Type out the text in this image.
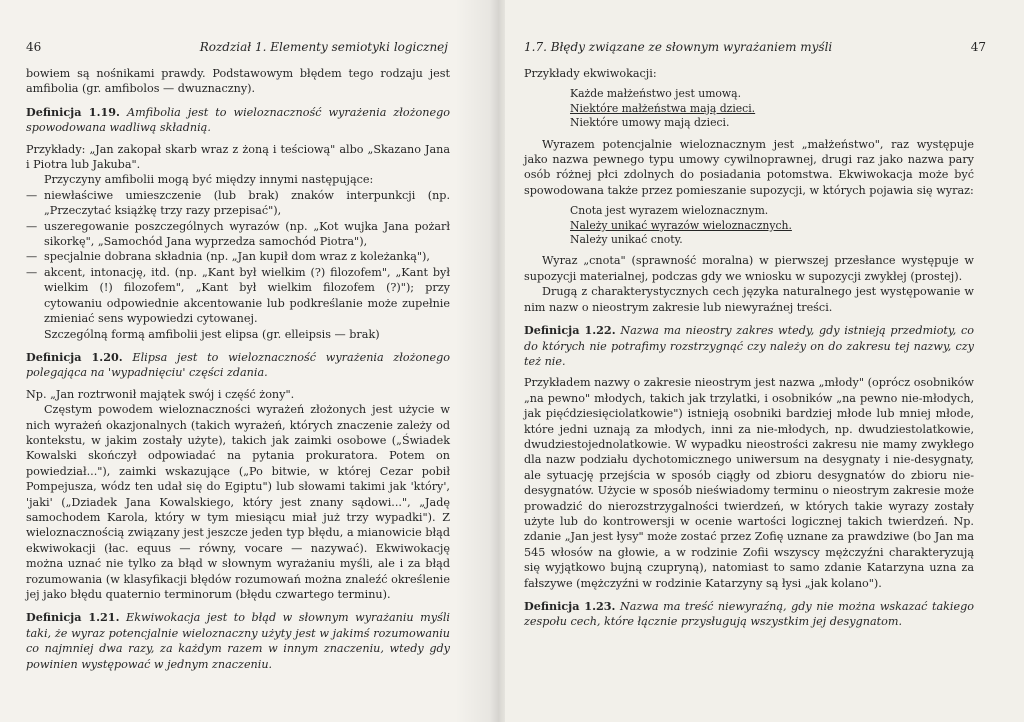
46	Rozdział 1. Elementy semiotyki logicznej

bowiem są nośnikami prawdy. Podstawowym błędem tego rodzaju jest amfibolia (gr. amfibolos — dwuznaczny).

Definicja 1.19. Amfibolia jest to wieloznaczność wyrażenia złożonego spowodowana wadliwą składnią.

Przykłady: „Jan zakopał skarb wraz z żoną i teściową" albo „Skazano Jana i Piotra lub Jakuba".

Przyczyny amfibolii mogą być między innymi następujące:

— niewłaściwe umieszczenie (lub brak) znaków interpunkcji (np. „Przeczytać książkę trzy razy przepisać"),
— uszeregowanie poszczególnych wyrazów (np. „Kot wujka Jana pożarł sikorkę", „Samochód Jana wyprzedza samochód Piotra"),
— specjalnie dobrana składnia (np. „Jan kupił dom wraz z koleżanką"),
— akcent, intonację, itd. (np. „Kant był wielkim (?) filozofem", „Kant był wielkim (!) filozofem", „Kant był wielkim filozofem (?)"); przy cytowaniu odpowiednie akcentowanie lub podkreślanie może zupełnie zmieniać sens wypowiedzi cytowanej.

Szczególną formą amfibolii jest elipsa (gr. elleipsis — brak)

Definicja 1.20. Elipsa jest to wieloznaczność wyrażenia złożonego polegająca na 'wypadnięciu' części zdania.

Np. „Jan roztrwonił majątek swój i część żony".

Częstym powodem wieloznaczności wyrażeń złożonych jest użycie w nich wyrażeń okazjonalnych (takich wyrażeń, których znaczenie zależy od kontekstu, w jakim zostały użyte), takich jak zaimki osobowe („Świadek Kowalski skończył odpowiadać na pytania prokuratora. Potem on powiedział..."), zaimki wskazujące („Po bitwie, w której Cezar pobił Pompejusza, wódz ten udał się do Egiptu") lub słowami takimi jak 'który', 'jaki' („Dziadek Jana Kowalskiego, który jest znany sądowi...", „Jadę samochodem Karola, który w tym miesiącu miał już trzy wypadki"). Z wieloznacznością związany jest jeszcze jeden typ błędu, a mianowicie błąd ekwiwokacji (łac. equus — równy, vocare — nazywać). Ekwiwokację można uznać nie tylko za błąd w słownym wyrażaniu myśli, ale i za błąd rozumowania (w klasyfikacji błędów rozumowań można znaleźć określenie jej jako błędu quaternio terminorum (błędu czwartego terminu).

Definicja 1.21. Ekwiwokacja jest to błąd w słownym wyrażaniu myśli taki, że wyraz potencjalnie wieloznaczny użyty jest w jakimś rozumowaniu co najmniej dwa razy, za każdym razem w innym znaczeniu, wtedy gdy powinien występować w jednym znaczeniu.

1.7. Błędy związane ze słownym wyrażaniem myśli	47

Przykłady ekwiwokacji:

Każde małżeństwo jest umową.
Niektóre małżeństwa mają dzieci.
Niektóre umowy mają dzieci.

Wyrazem potencjalnie wieloznacznym jest „małżeństwo", raz występuje jako nazwa pewnego typu umowy cywilnoprawnej, drugi raz jako nazwa pary osób różnej płci zdolnych do posiadania potomstwa. Ekwiwokacja może być spowodowana także przez pomieszanie supozycji, w których pojawia się wyraz:

Cnota jest wyrazem wieloznacznym.
Należy unikać wyrazów wieloznacznych.
Należy unikać cnoty.

Wyraz „cnota" (sprawność moralna) w pierwszej przesłance występuje w supozycji materialnej, podczas gdy we wniosku w supozycji zwykłej (prostej).

Drugą z charakterystycznych cech języka naturalnego jest występowanie w nim nazw o nieostrym zakresie lub niewyraźnej treści.

Definicja 1.22. Nazwa ma nieostry zakres wtedy, gdy istnieją przedmioty, co do których nie potrafimy rozstrzygnąć czy należy on do zakresu tej nazwy, czy też nie.

Przykładem nazwy o zakresie nieostrym jest nazwa „młody" (oprócz osobników „na pewno" młodych, takich jak trzylatki, i osobników „na pewno nie-młodych, jak pięćdziesięciolatkowie") istnieją osobniki bardziej młode lub mniej młode, które jedni uznają za młodych, inni za nie-młodych, np. dwudziestolatkowie, dwudziestojednolatkowie. W wypadku nieostrości zakresu nie mamy zwykłego dla nazw podziału dychotomicznego uniwersum na desygnaty i nie-desygnaty, ale sytuację przejścia w sposób ciągły od zbioru desygnatów do zbioru nie-desygnatów. Użycie w sposób nieświadomy terminu o nieostrym zakresie może prowadzić do nierozstrzygalności twierdzeń, w których takie wyrazy zostały użyte lub do kontrowersji w ocenie wartości logicznej takich twierdzeń. Np. zdanie „Jan jest łysy" może zostać przez Zofię uznane za prawdziwe (bo Jan ma 545 włosów na głowie, a w rodzinie Zofii wszyscy mężczyźni charakteryzują się wyjątkowo bujną czupryną), natomiast to samo zdanie Katarzyna uzna za fałszywe (mężczyźni w rodzinie Katarzyny są łysi „jak kolano").

Definicja 1.23. Nazwa ma treść niewyraźną, gdy nie można wskazać takiego zespołu cech, które łącznie przysługują wszystkim jej desygnatom.
